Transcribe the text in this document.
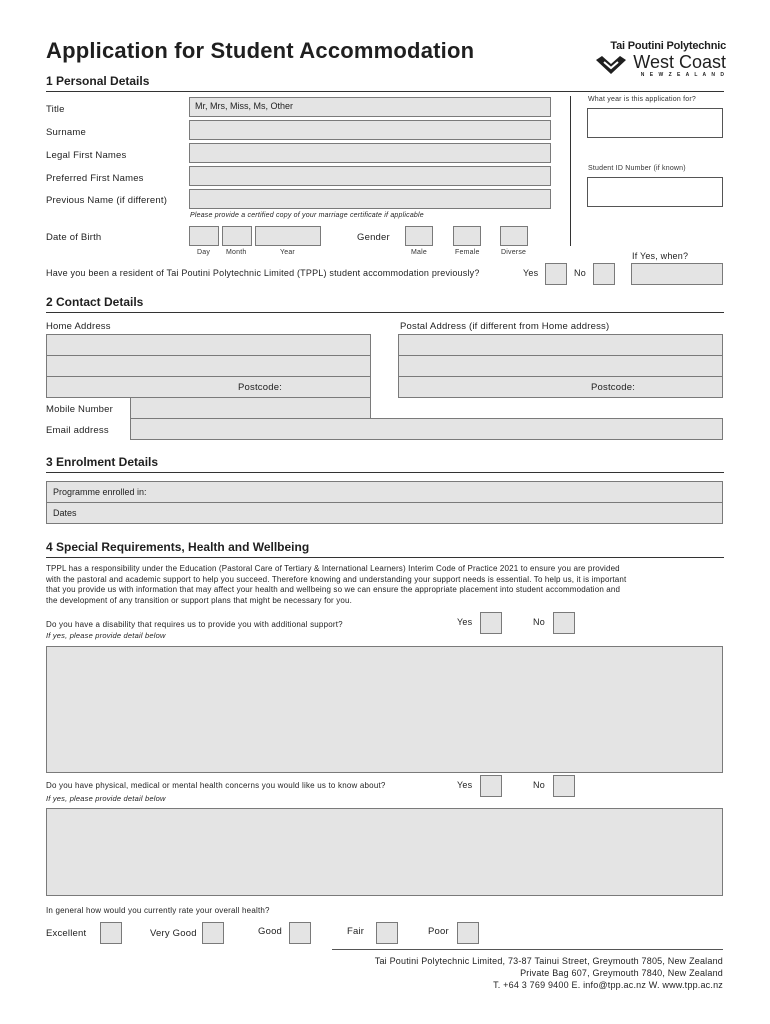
Application for Student Accommodation	Tai Poutini Polytechnic
West Coast
N E W Z E A L A N D
1 Personal Details
Title	Mr, Mrs, Miss, Ms, Other
Surname
Legal First Names
Preferred First Names
Previous Name (if different)
Please provide a certified copy of your marriage certificate if applicable
Date of Birth
Day Month	Year
Gender
Male	Female	Diverse
What year is this application for?
Student ID Number (if known)
Have you been a resident of Tai Poutini Polytechnic Limited (TPPL) student accommodation previously?	Yes	No
If Yes, when?
2 Contact Details
Home Address
Postcode:
Postal Address (if different from Home address)
Postcode:
Mobile Number
Email address
3 Enrolment Details
Programme enrolled in:
Dates
4 Special Requirements, Health and Wellbeing
TPPL has a responsibility under the Education (Pastoral Care of Tertiary & International Learners) Interim Code of Practice 2021 to ensure you are provided
with the pastoral and academic support to help you succeed. Therefore knowing and understanding your support needs is essential. To help us, it is important
that you provide us with information that may affect your health and wellbeing so we can ensure the appropriate placement into student accommodation and
the development of any transition or support plans that might be necessary for you.
Do you have a disability that requires us to provide you with additional support?
If yes, please provide detail below
Yes	No
Do you have physical, medical or mental health concerns you would like us to know about?
If yes, please provide detail below
Yes	No
In general how would you currently rate your overall health?
Excellent	Very Good	Good	Fair	Poor
Tai Poutini Polytechnic Limited, 73-87 Tainui Street, Greymouth 7805, New Zealand
Private Bag 607, Greymouth 7840, New Zealand
T. +64 3 769 9400 E. info@tpp.ac.nz W. www.tpp.ac.nz
